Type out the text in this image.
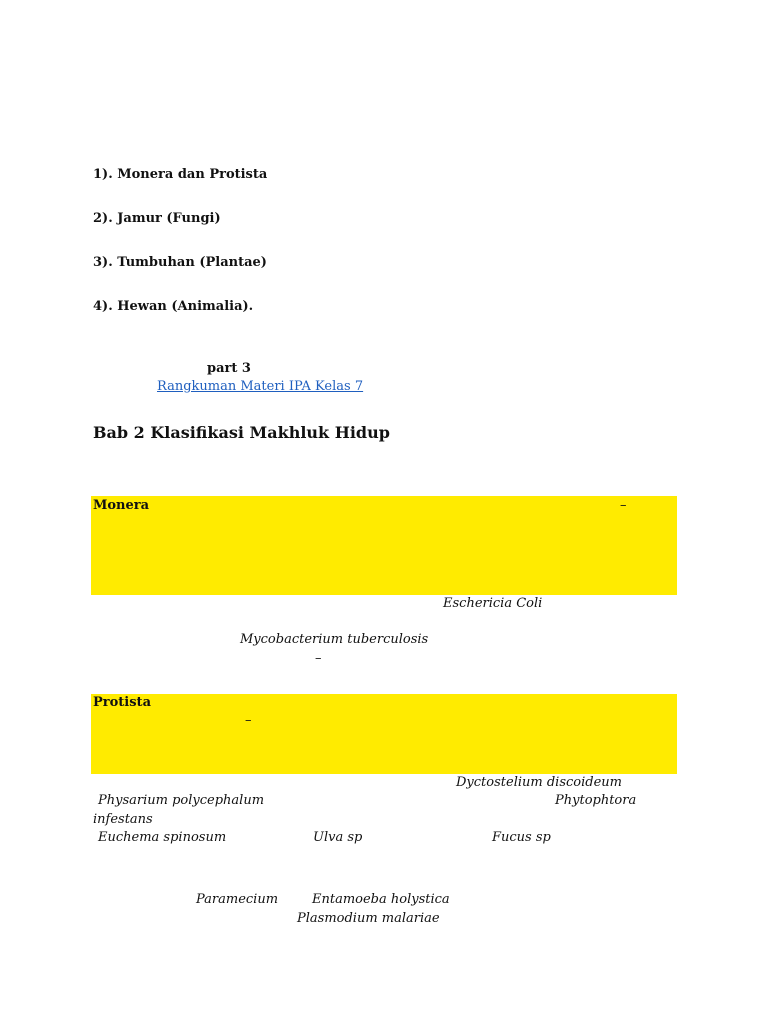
1). Monera dan Protista
2). Jamur (Fungi)
3). Tumbuhan (Plantae)
4). Hewan (Animalia).
part 3
Rangkuman Materi IPA Kelas 7
Bab 2 Klasifikasi Makhluk Hidup
Monera	–
Eschericia Coli
Mycobacterium tuberculosis
–
Protista
–
Dyctostelium discoideum
Physarium polycephalum	Phytophtora
infestans
Euchema spinosum	Ulva sp	Fucus sp
Paramecium	Entamoeba holystica
Plasmodium malariae
